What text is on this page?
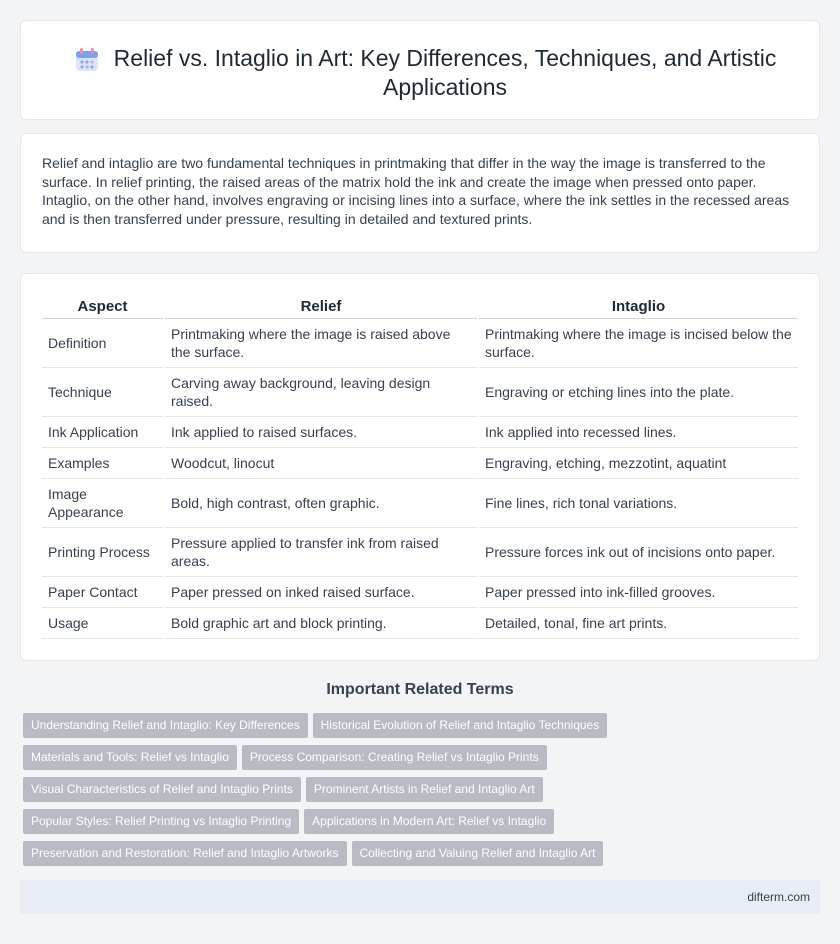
Relief vs. Intaglio in Art: Key Differences, Techniques, and Artistic Applications

Relief and intaglio are two fundamental techniques in printmaking that differ in the way the image is transferred to the surface. In relief printing, the raised areas of the matrix hold the ink and create the image when pressed onto paper. Intaglio, on the other hand, involves engraving or incising lines into a surface, where the ink settles in the recessed areas and is then transferred under pressure, resulting in detailed and textured prints.

Aspect	Relief	Intaglio
Definition	Printmaking where the image is raised above the surface.	Printmaking where the image is incised below the surface.
Technique	Carving away background, leaving design raised.	Engraving or etching lines into the plate.
Ink Application	Ink applied to raised surfaces.	Ink applied into recessed lines.
Examples	Woodcut, linocut	Engraving, etching, mezzotint, aquatint
Image Appearance	Bold, high contrast, often graphic.	Fine lines, rich tonal variations.
Printing Process	Pressure applied to transfer ink from raised areas.	Pressure forces ink out of incisions onto paper.
Paper Contact	Paper pressed on inked raised surface.	Paper pressed into ink-filled grooves.
Usage	Bold graphic art and block printing.	Detailed, tonal, fine art prints.
Important Related Terms
Understanding Relief and Intaglio: Key Differences Historical Evolution of Relief and Intaglio Techniques
Materials and Tools: Relief vs Intaglio Process Comparison: Creating Relief vs Intaglio Prints
Visual Characteristics of Relief and Intaglio Prints Prominent Artists in Relief and Intaglio Art
Popular Styles: Relief Printing vs Intaglio Printing Applications in Modern Art: Relief vs Intaglio
Preservation and Restoration: Relief and Intaglio Artworks Collecting and Valuing Relief and Intaglio Art
difterm.com
